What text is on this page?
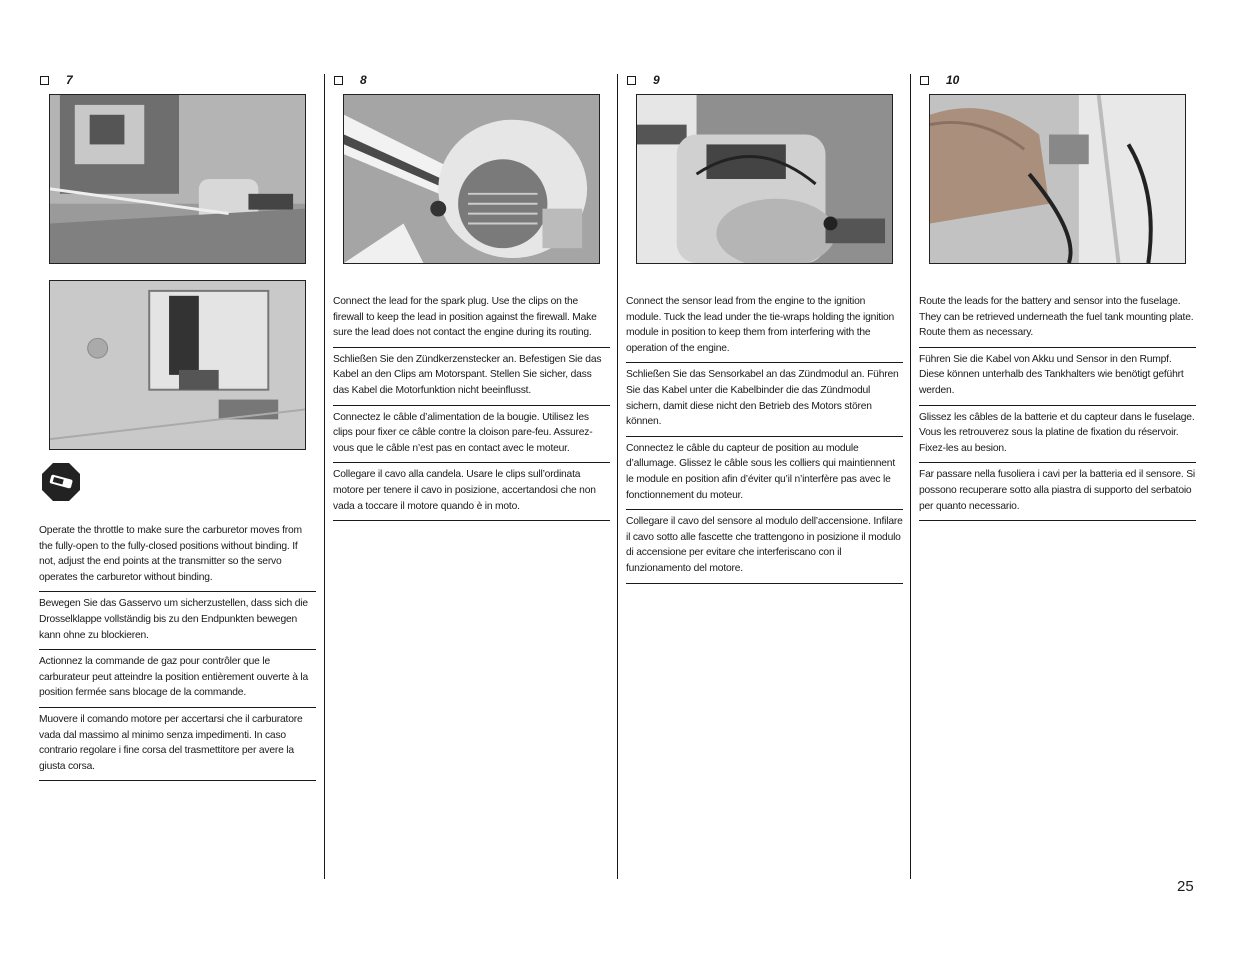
7
Operate the throttle to make sure the carburetor moves from the fully-open to the fully-closed positions without binding. If not, adjust the end points at the transmitter so the servo operates the carburetor without binding.
Bewegen Sie das Gasservo um sicherzustellen, dass sich die Drosselklappe vollständig bis zu den Endpunkten bewegen kann ohne zu blockieren.
Actionnez la commande de gaz pour contrôler que le carburateur peut atteindre la position entièrement ouverte à la position fermée sans blocage de la commande.
Muovere il comando motore per accertarsi che il carburatore vada dal massimo al minimo senza impedimenti. In caso contrario regolare i fine corsa del trasmettitore per avere la giusta corsa.
8
Connect the lead for the spark plug. Use the clips on the firewall to keep the lead in position against the firewall. Make sure the lead does not contact the engine during its routing.
Schließen Sie den Zündkerzenstecker an. Befestigen Sie das Kabel an den Clips am Motorspant. Stellen Sie sicher, dass das Kabel die Motorfunktion nicht beeinflusst.
Connectez le câble d’alimentation de la bougie. Utilisez les clips pour fixer ce câble contre la cloison pare-feu. Assurez-vous que le câble n’est pas en contact avec le moteur.
Collegare il cavo alla candela. Usare le clips sull’ordinata motore per tenere il cavo in posizione, accertandosi che non vada a toccare il motore quando è in moto.
9
Connect the sensor lead from the engine to the ignition module. Tuck the lead under the tie-wraps holding the ignition module in position to keep them from interfering with the operation of the engine.
Schließen Sie das Sensorkabel an das Zündmodul an. Führen Sie das Kabel unter die Kabelbinder die das Zündmodul sichern, damit diese nicht den Betrieb des Motors stören können.
Connectez le câble du capteur de position au module d’allumage. Glissez le câble sous les colliers qui maintiennent le module en position afin d’éviter qu’il n’interfère pas avec le fonctionnement du moteur.
Collegare il cavo del sensore al modulo dell’accensione. Infilare il cavo sotto alle fascette che trattengono in posizione il modulo di accensione per evitare che interferiscano con il funzionamento del motore.
10
Route the leads for the battery and sensor into the fuselage. They can be retrieved underneath the fuel tank mounting plate. Route them as necessary.
Führen Sie die Kabel von Akku und Sensor in den Rumpf. Diese können unterhalb des Tankhalters wie benötigt geführt werden.
Glissez les câbles de la batterie et du capteur dans le fuselage. Vous les retrouverez sous la platine de fixation du réservoir. Fixez-les au besion.
Far passare nella fusoliera i cavi per la batteria ed il sensore. Si possono recuperare sotto alla piastra di supporto del serbatoio per quanto necessario.
25
